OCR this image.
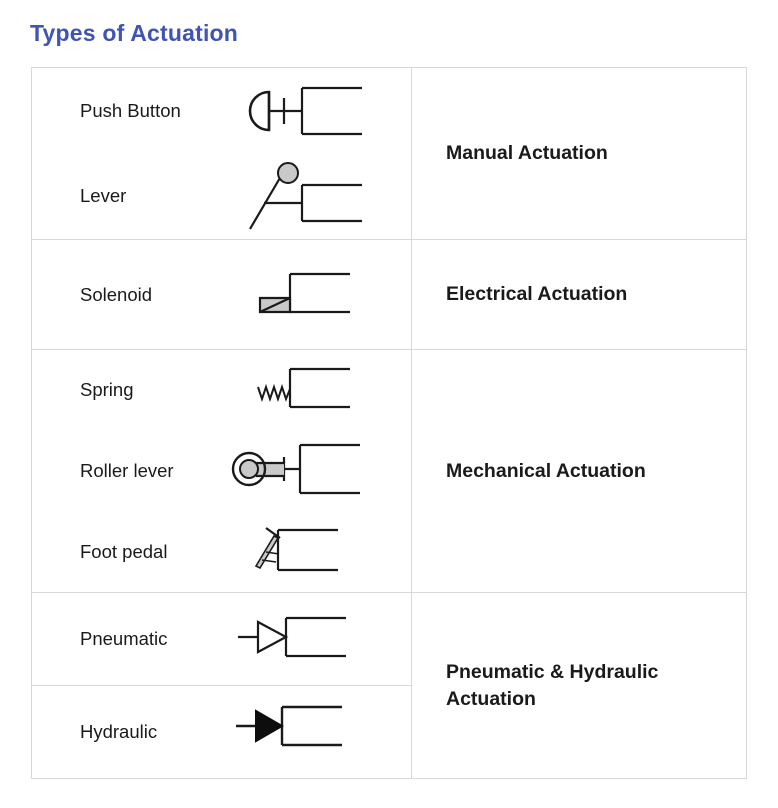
Types of Actuation
Push Button
Lever
Manual Actuation
Solenoid	Electrical Actuation
Spring
Roller lever
Foot pedal
Mechanical Actuation
Pneumatic
Hydraulic
Pneumatic & Hydraulic Actuation
